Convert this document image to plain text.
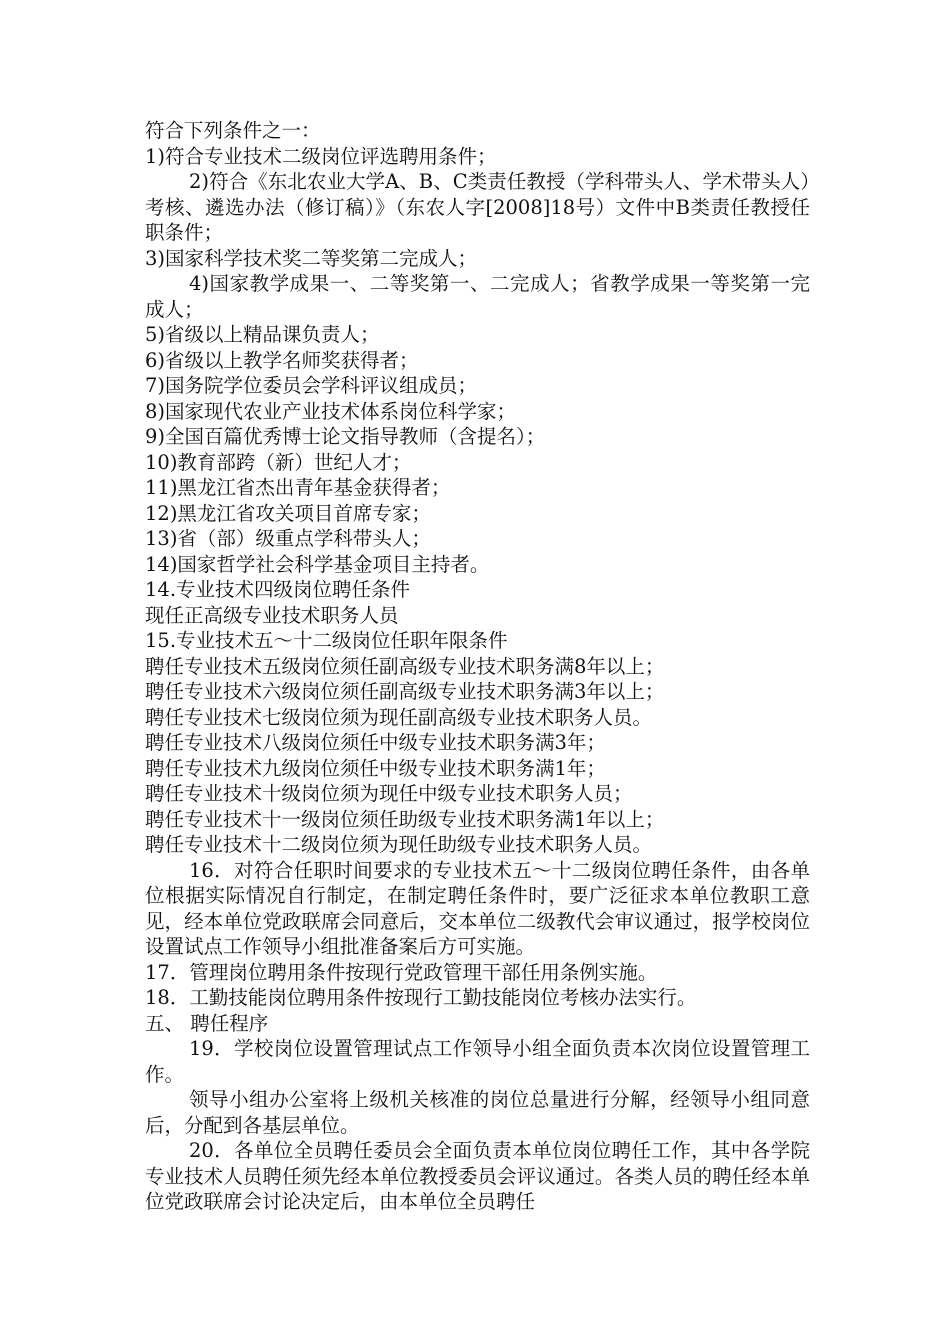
符合下列条件之一：

1)符合专业技术二级岗位评选聘用条件；

2)符合《东北农业大学A、B、C类责任教授（学科带头人、学术带头人）考核、遴选办法（修订稿）》（东农人字[2008]18号）文件中B类责任教授任职条件；

3)国家科学技术奖二等奖第二完成人；

4)国家教学成果一、二等奖第一、二完成人；省教学成果一等奖第一完成人；

5)省级以上精品课负责人；

6)省级以上教学名师奖获得者；

7)国务院学位委员会学科评议组成员；

8)国家现代农业产业技术体系岗位科学家；

9)全国百篇优秀博士论文指导教师（含提名）；

10)教育部跨（新）世纪人才；

11)黑龙江省杰出青年基金获得者；

12)黑龙江省攻关项目首席专家；

13)省（部）级重点学科带头人；

14)国家哲学社会科学基金项目主持者。

14.专业技术四级岗位聘任条件

现任正高级专业技术职务人员

15.专业技术五～十二级岗位任职年限条件

聘任专业技术五级岗位须任副高级专业技术职务满8年以上；

聘任专业技术六级岗位须任副高级专业技术职务满3年以上；

聘任专业技术七级岗位须为现任副高级专业技术职务人员。

聘任专业技术八级岗位须任中级专业技术职务满3年；

聘任专业技术九级岗位须任中级专业技术职务满1年；

聘任专业技术十级岗位须为现任中级专业技术职务人员；

聘任专业技术十一级岗位须任助级专业技术职务满1年以上；

聘任专业技术十二级岗位须为现任助级专业技术职务人员。

16．对符合任职时间要求的专业技术五～十二级岗位聘任条件，由各单位根据实际情况自行制定，在制定聘任条件时，要广泛征求本单位教职工意见，经本单位党政联席会同意后，交本单位二级教代会审议通过，报学校岗位设置试点工作领导小组批准备案后方可实施。

17．管理岗位聘用条件按现行党政管理干部任用条例实施。

18．工勤技能岗位聘用条件按现行工勤技能岗位考核办法实行。

五、 聘任程序

19．学校岗位设置管理试点工作领导小组全面负责本次岗位设置管理工作。

领导小组办公室将上级机关核准的岗位总量进行分解，经领导小组同意后，分配到各基层单位。

20．各单位全员聘任委员会全面负责本单位岗位聘任工作，其中各学院专业技术人员聘任须先经本单位教授委员会评议通过。各类人员的聘任经本单位党政联席会讨论决定后，由本单位全员聘任
